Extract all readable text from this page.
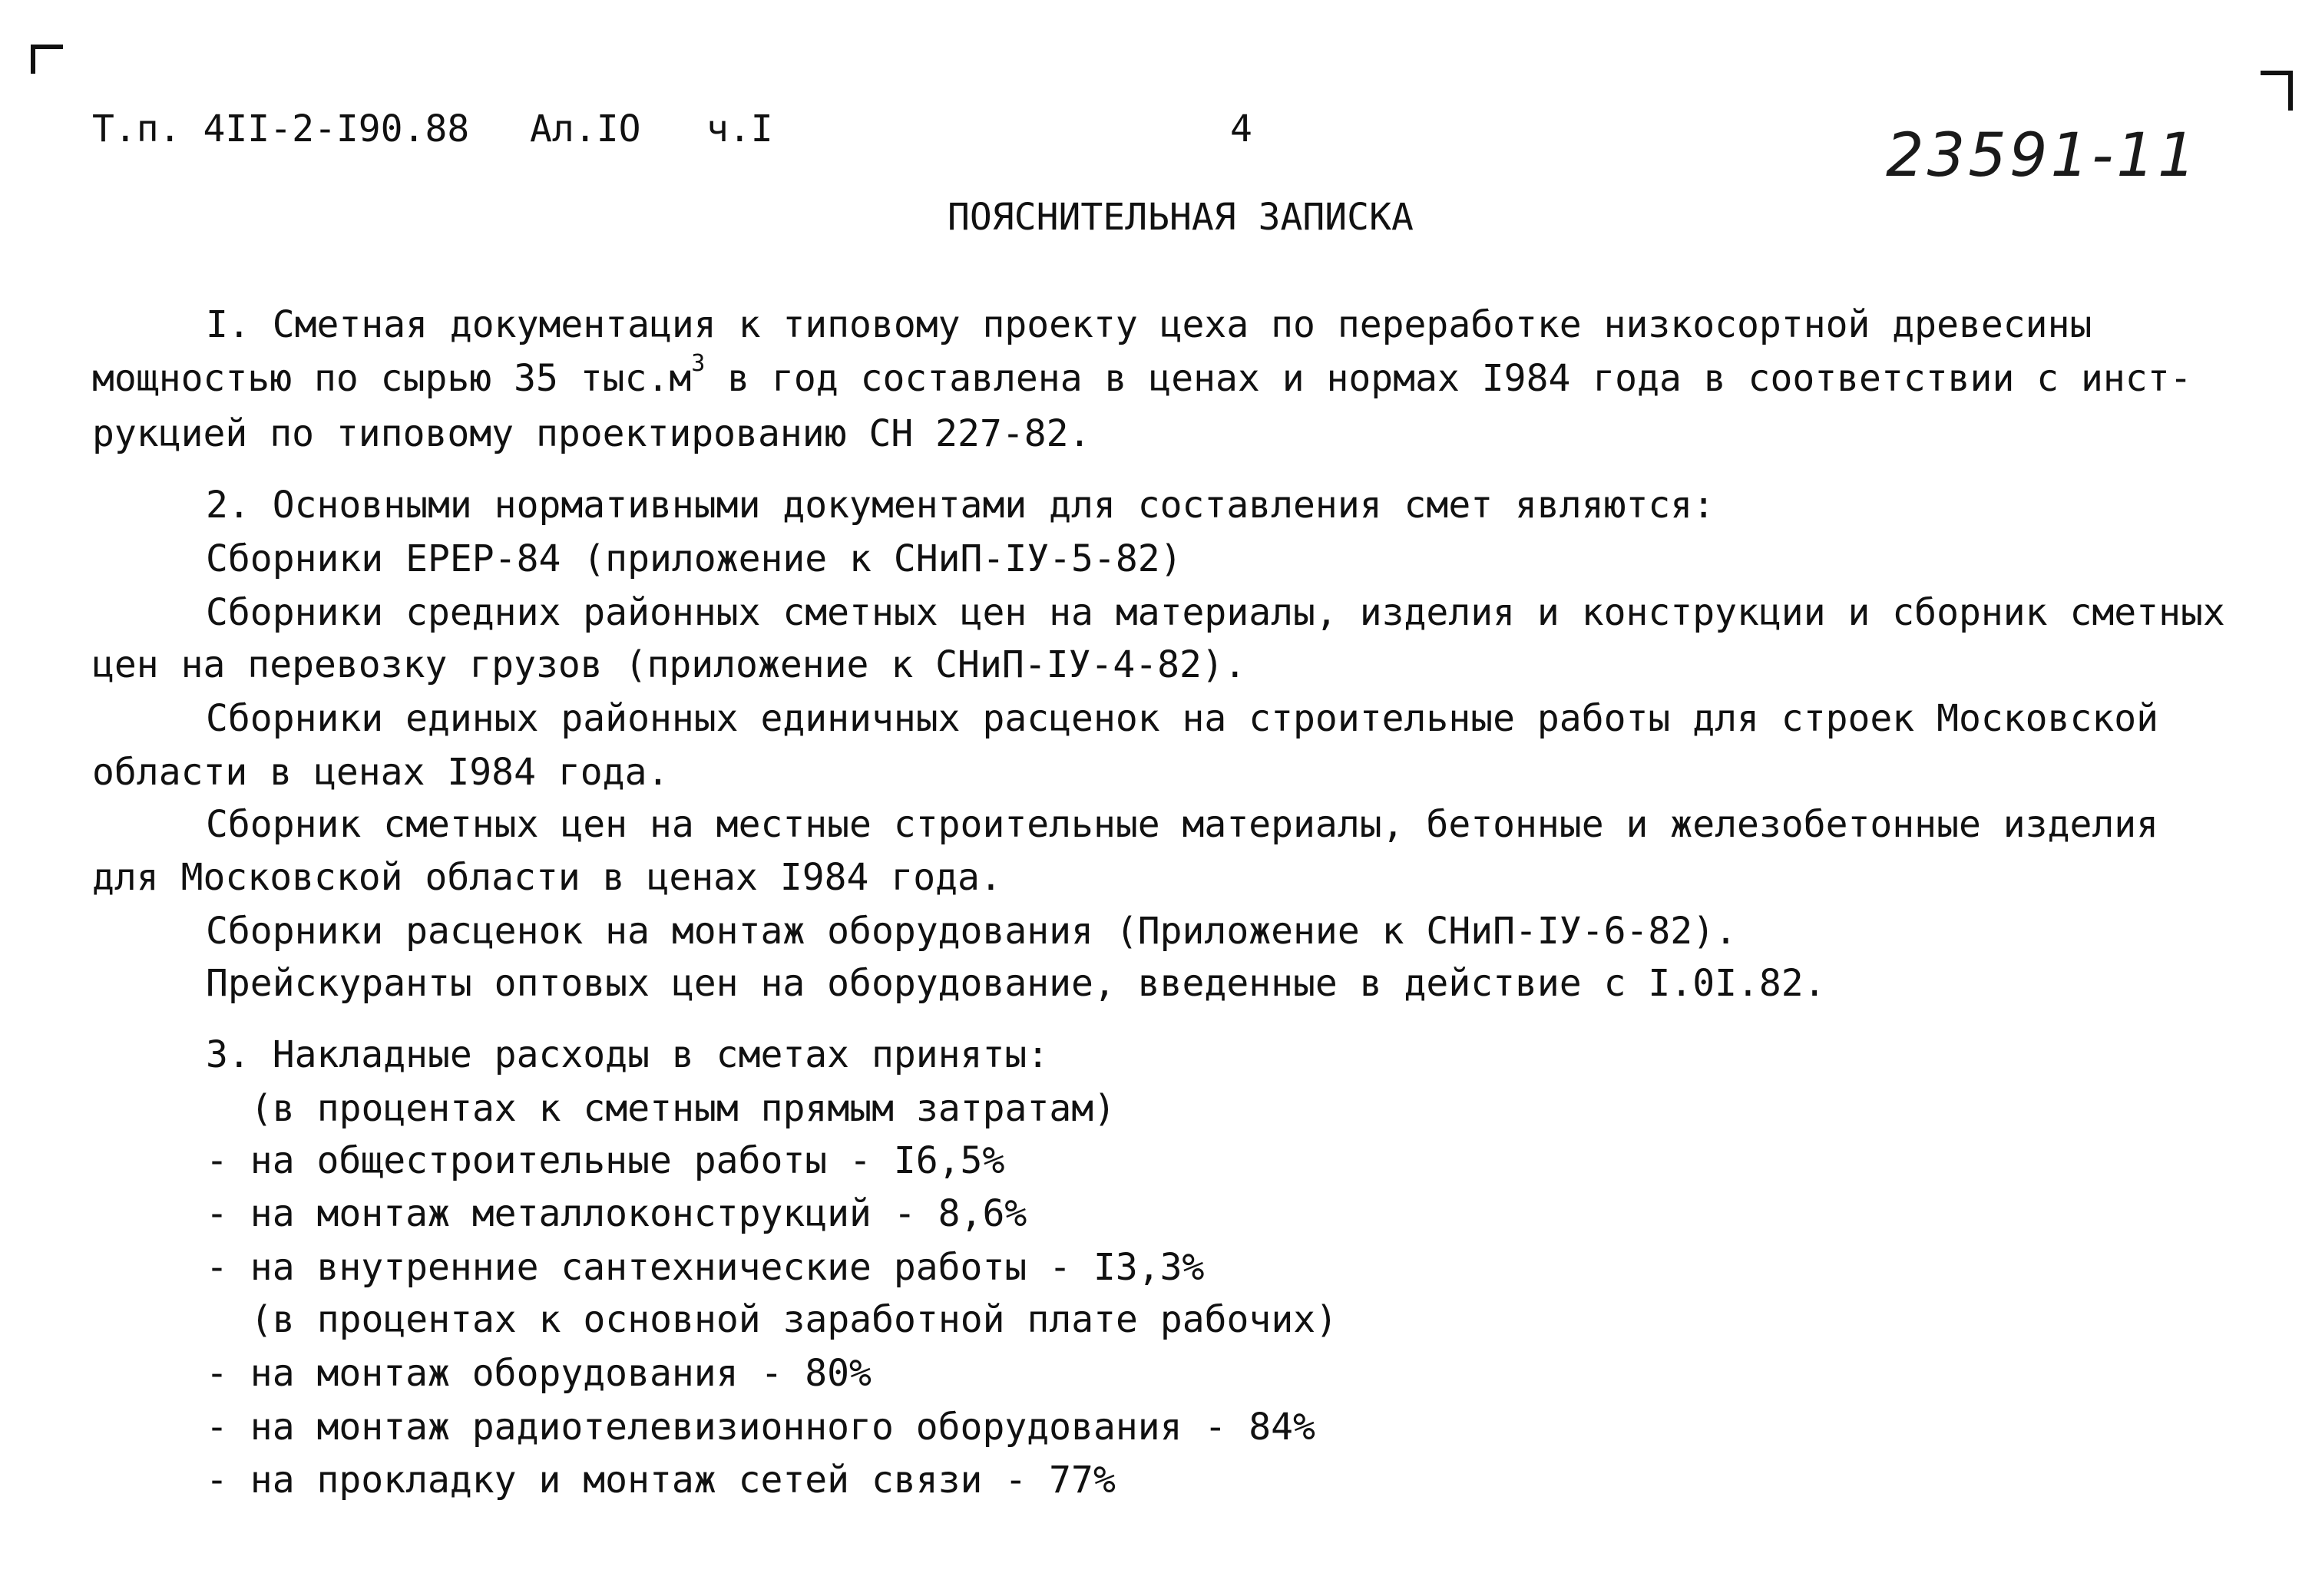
Т.п. 4II-2-I90.88 Ал.IO ч.I	4	23591-11
ПОЯСНИТЕЛЬНАЯ ЗАПИСКА
I. Сметная документация к типовому проекту цеха по переработке низкосортной древесины
мощностью по сырью 35 $тыс.м^3$ в год составлена в ценах и нормах I984 года в соответствии с инст-
рукцией по типовому проектированию СН 227-82.
2. Основными нормативными документами для составления смет являются:
Сборники ЕРЕР-84 (приложение к СНиП-IУ-5-82)
Сборники средних районных сметных цен на материалы, изделия и конструкции и сборник сметных
цен на перевозку грузов (приложение к СНиП-IУ-4-82).
Сборники единых районных единичных расценок на строительные работы для строек Московской
области в ценах I984 года.
Сборник сметных цен на местные строительные материалы, бетонные и железобетонные изделия
для Московской области в ценах I984 года.
Сборники расценок на монтаж оборудования (Приложение к СНиП-IУ-6-82).
Прейскуранты оптовых цен на оборудование, введенные в действие с I.0I.82.
3. Накладные расходы в сметах приняты:
(в процентах к сметным прямым затратам)
- на общестроительные работы - I6,5%
- на монтаж металлоконструкций - 8,6%
- на внутренние сантехнические работы - I3,3%
(в процентах к основной заработной плате рабочих)
- на монтаж оборудования - 80%
- на монтаж радиотелевизионного оборудования - 84%
- на прокладку и монтаж сетей связи - 77%
